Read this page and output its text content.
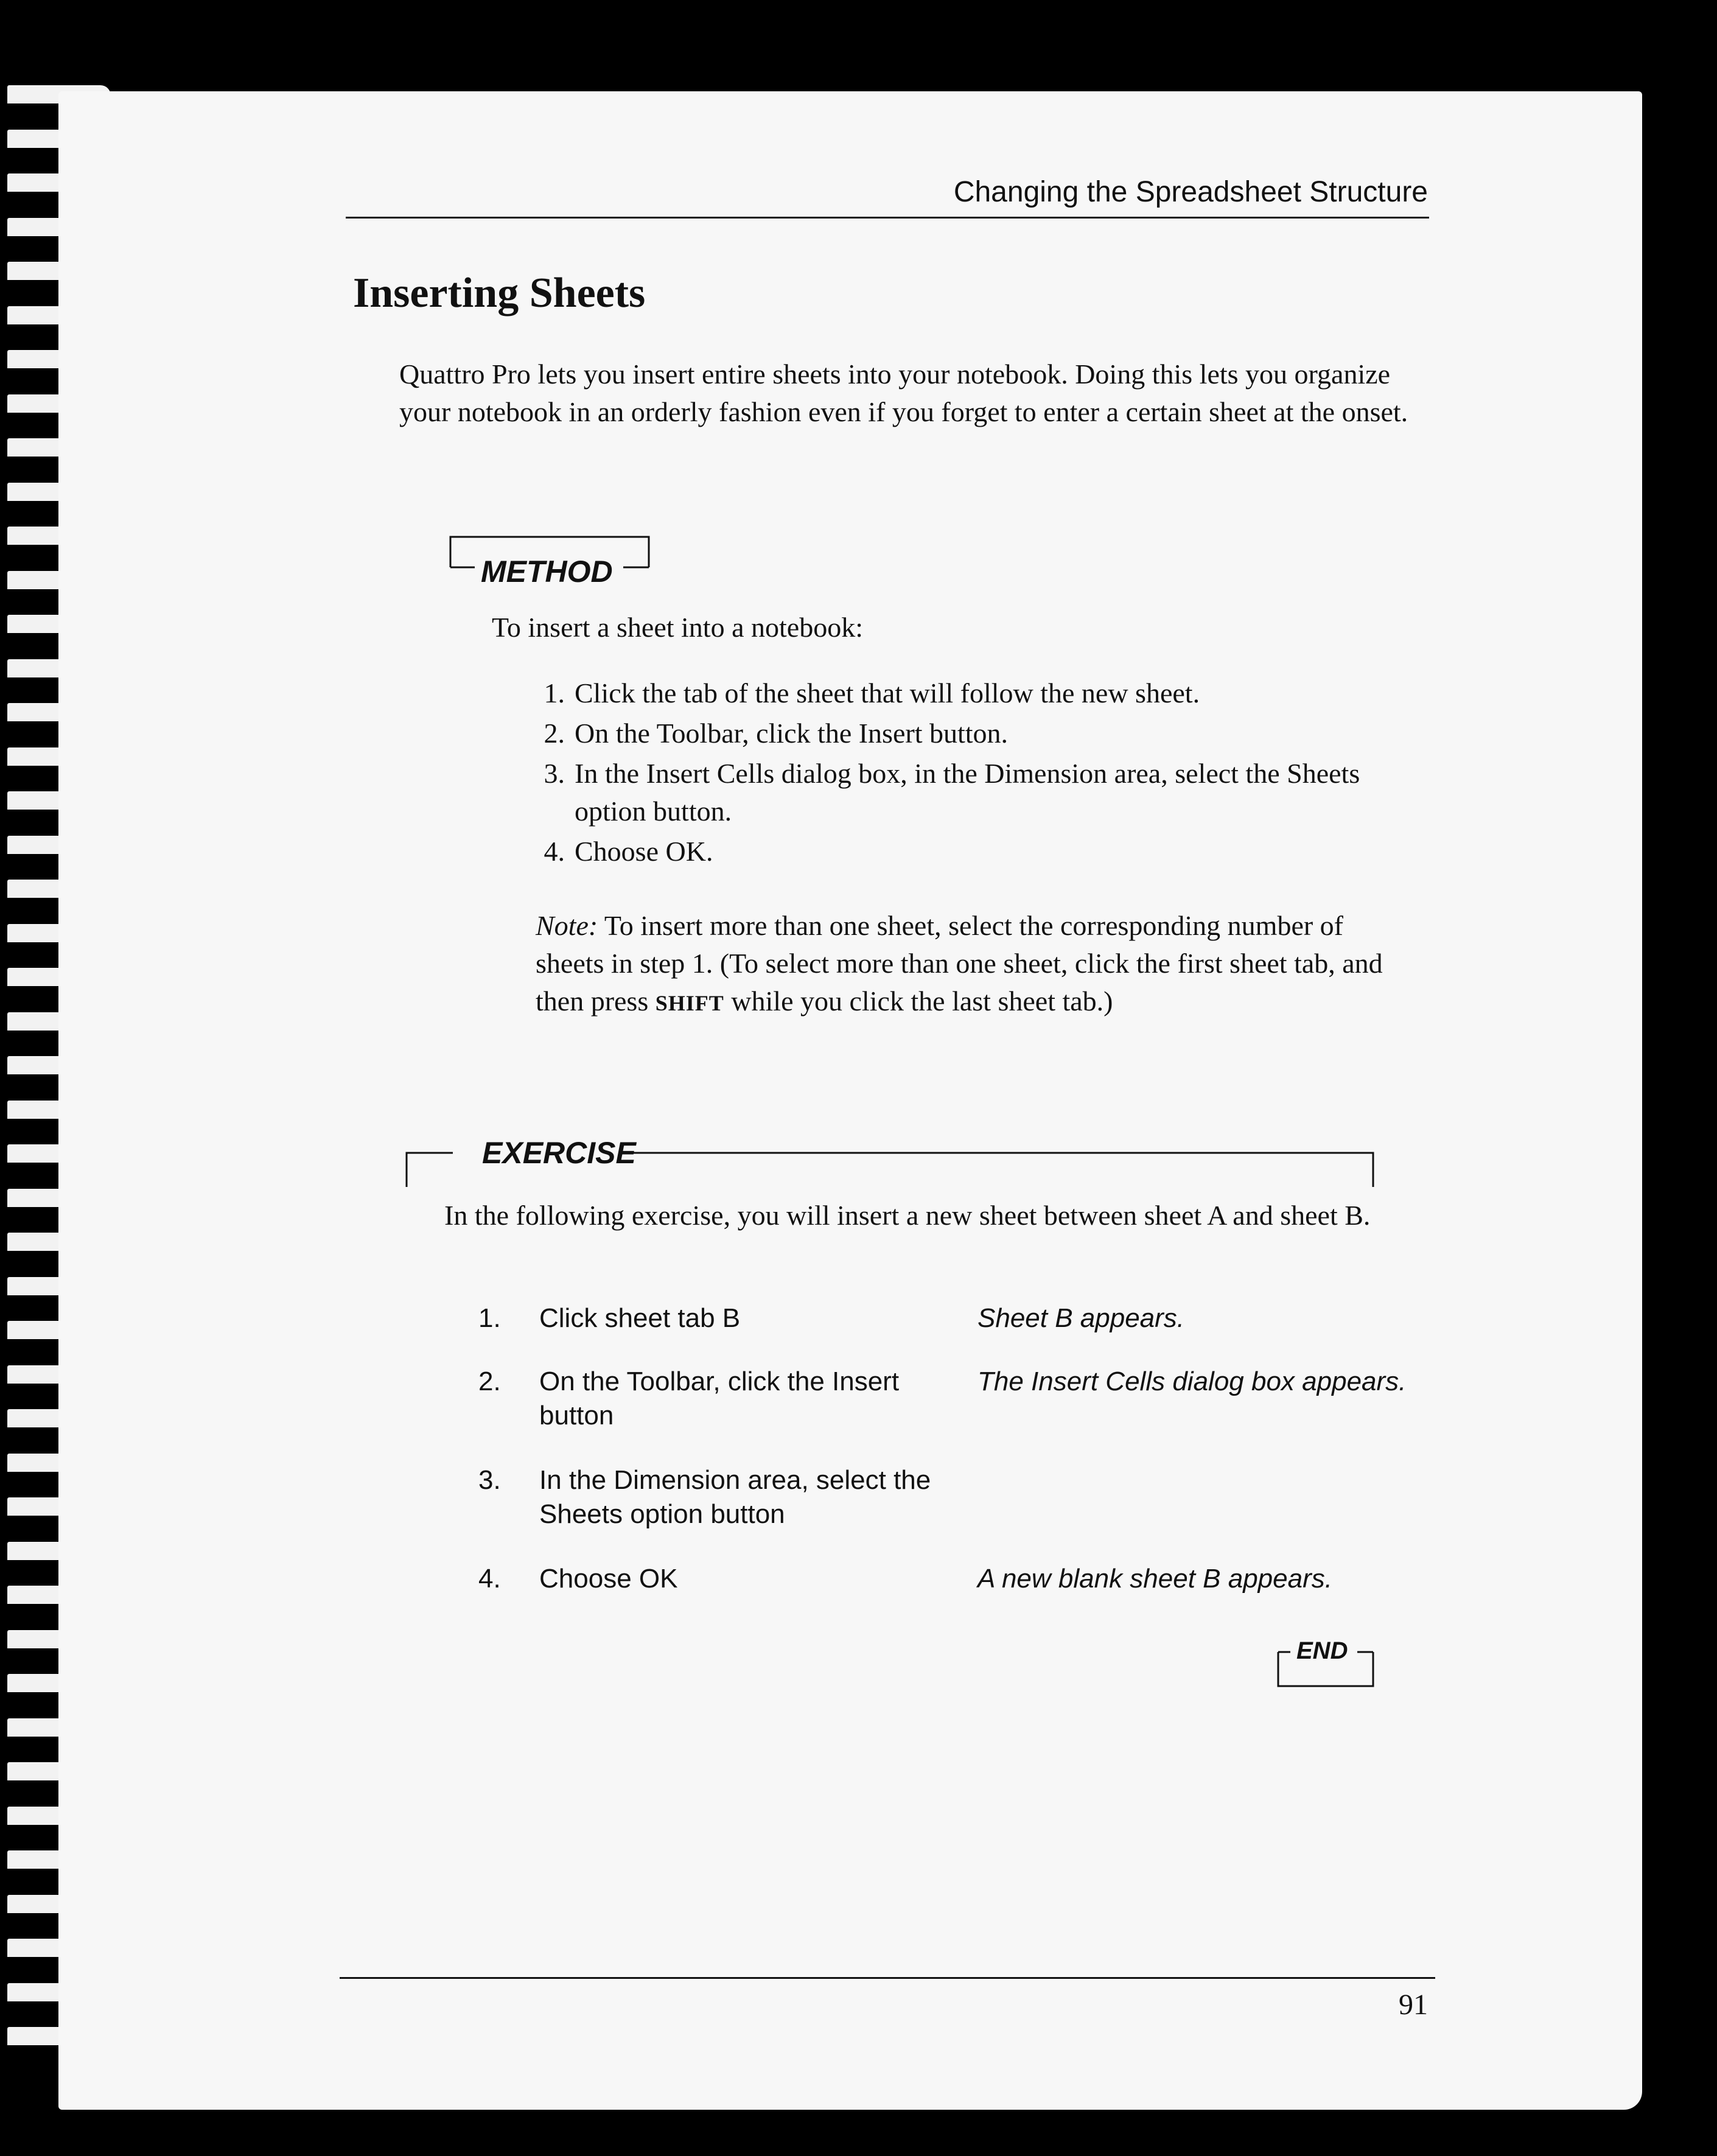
Changing the Spreadsheet Structure
Inserting Sheets

Quattro Pro lets you insert entire sheets into your notebook. Doing this lets you organize your notebook in an orderly fashion even if you forget to enter a certain sheet at the onset.

METHOD

To insert a sheet into a notebook:

1. Click the tab of the sheet that will follow the new sheet.
2. On the Toolbar, click the Insert button.
3. In the Insert Cells dialog box, in the Dimension area, select the Sheets option button.
4. Choose OK.

Note: To insert more than one sheet, select the corresponding number of sheets in step 1. (To select more than one sheet, click the first sheet tab, and then press SHIFT while you click the last sheet tab.)

EXERCISE

In the following exercise, you will insert a new sheet between sheet A and sheet B.

1. Click sheet tab B	Sheet B appears.
2. On the Toolbar, click the Insert button
The Insert Cells dialog box appears.
3. In the Dimension area, select the Sheets option button
4. Choose OK	A new blank sheet B appears.
END
91
